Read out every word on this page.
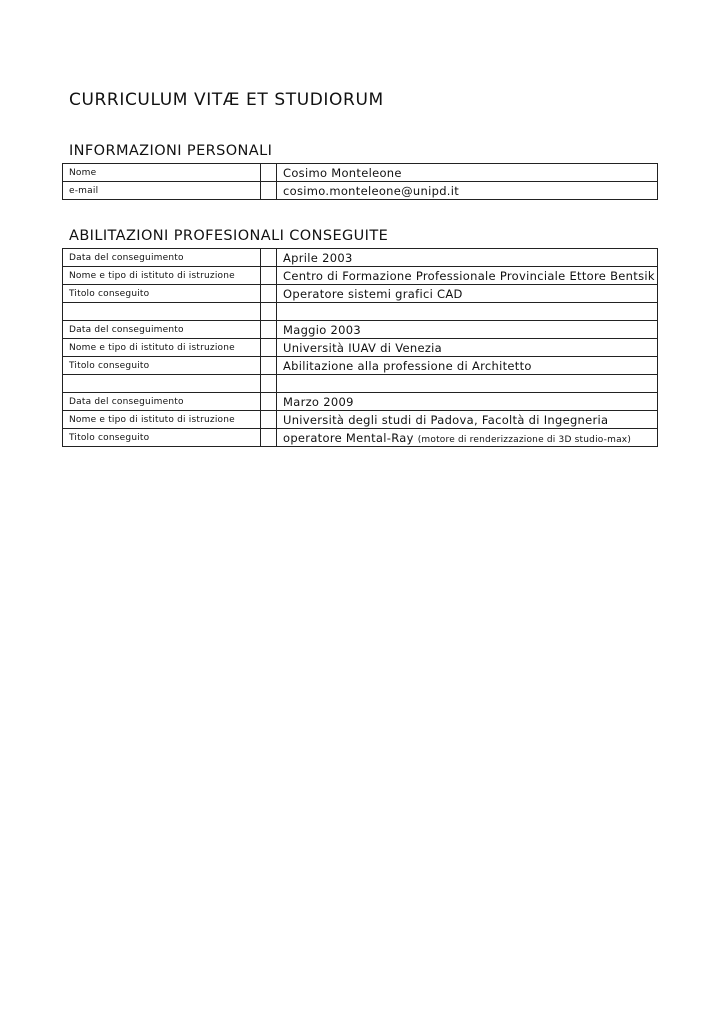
CURRICULUM VITÆ ET STUDIORUM
INFORMAZIONI PERSONALI
Nome		Cosimo Monteleone
e-mail		cosimo.monteleone@unipd.it
ABILITAZIONI PROFESIONALI CONSEGUITE
Data del conseguimento		Aprile 2003
Nome e tipo di istituto di istruzione		Centro di Formazione Professionale Provinciale Ettore Bentsik
Titolo conseguito		Operatore sistemi grafici CAD

Data del conseguimento		Maggio 2003
Nome e tipo di istituto di istruzione		Università IUAV di Venezia
Titolo conseguito		Abilitazione alla professione di Architetto

Data del conseguimento		Marzo 2009
Nome e tipo di istituto di istruzione		Università degli studi di Padova, Facoltà di Ingegneria
Titolo conseguito		operatore Mental-Ray (motore di renderizzazione di 3D studio-max)
